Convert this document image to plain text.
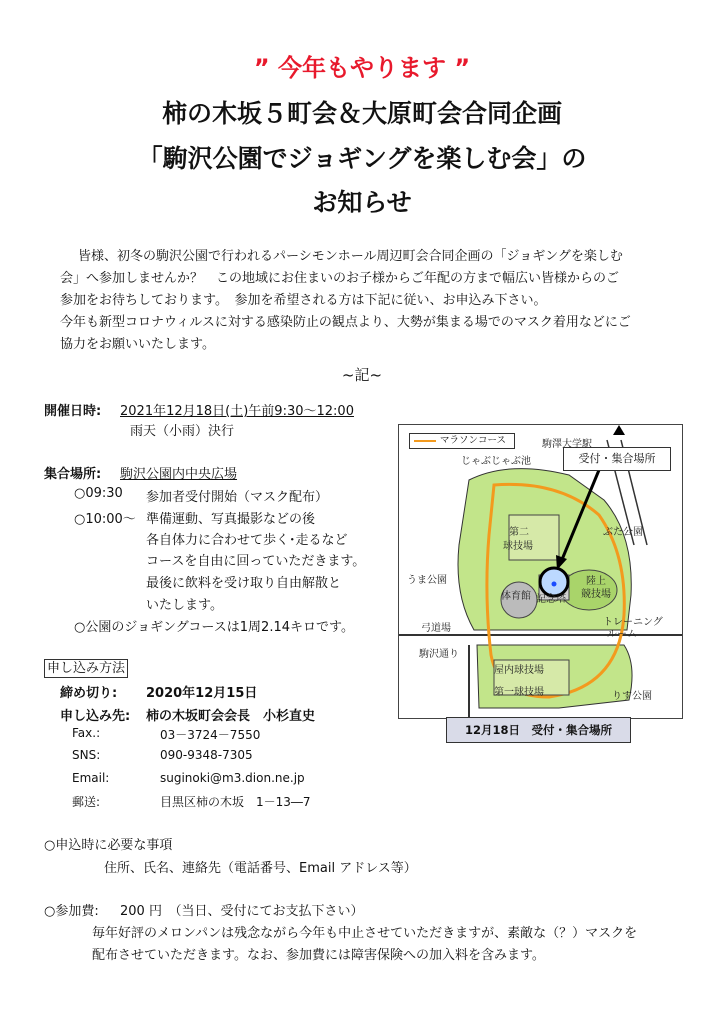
” 今年もやります ”
柿の木坂５町会＆大原町会合同企画
「駒沢公園でジョギングを楽しむ会」の
お知らせ
皆様、初冬の駒沢公園で行われるパーシモンホール周辺町会合同企画の「ジョギングを楽しむ
会」へ参加しませんか？　この地域にお住まいのお子様からご年配の方まで幅広い皆様からのご
参加をお待ちしております。　参加を希望される方は下記に従い、お申込み下さい。
今年も新型コロナウィルスに対する感染防止の観点より、大勢が集まる場でのマスク着用などにご
協力をお願いいたします。
~記~
開催日時: 2021年12月18日(土)午前9:30～12:00
雨天（小雨）決行
集合場所: 駒沢公園内中央広場
○09:30 参加者受付開始（マスク配布）
○10:00～ 準備運動、写真撮影などの後
各自体力に合わせて歩く･走るなど
コースを自由に回っていただきます。
最後に飲料を受け取り自由解散と
いたします。
○公園のジョギングコースは1周2.14キロです。
申し込み方法
締め切り: 2020年12月15日
申し込み先: 柿の木坂町会会長　小杉直史
Fax.:	03－3724－7550
SNS:	090-9348-7305
Email:	suginoki@m3.dion.ne.jp
郵送:	目黒区柿の木坂　1－13―7
○申込時に必要な事項
住所、氏名、連絡先（電話番号、Email アドレス等）
○参加費: 200 円　（当日、受付にてお支払下さい）
毎年好評のメロンパンは残念ながら今年も中止させていただきますが、素敵な（？）マスクを
配布させていただきます。なお、参加費には障害保険への加入料を含みます。
マラソンコース
受付・集合場所
駒澤大学駅
じゃぶじゃぶ池
第二
球技場
ぶた公園
うま公園	陸上
競技場
体育館 記念塔
トレーニング
ルーム
弓道場
駒沢通り
屋内球技場
第一球技場	りす公園
12月18日　受付・集合場所
